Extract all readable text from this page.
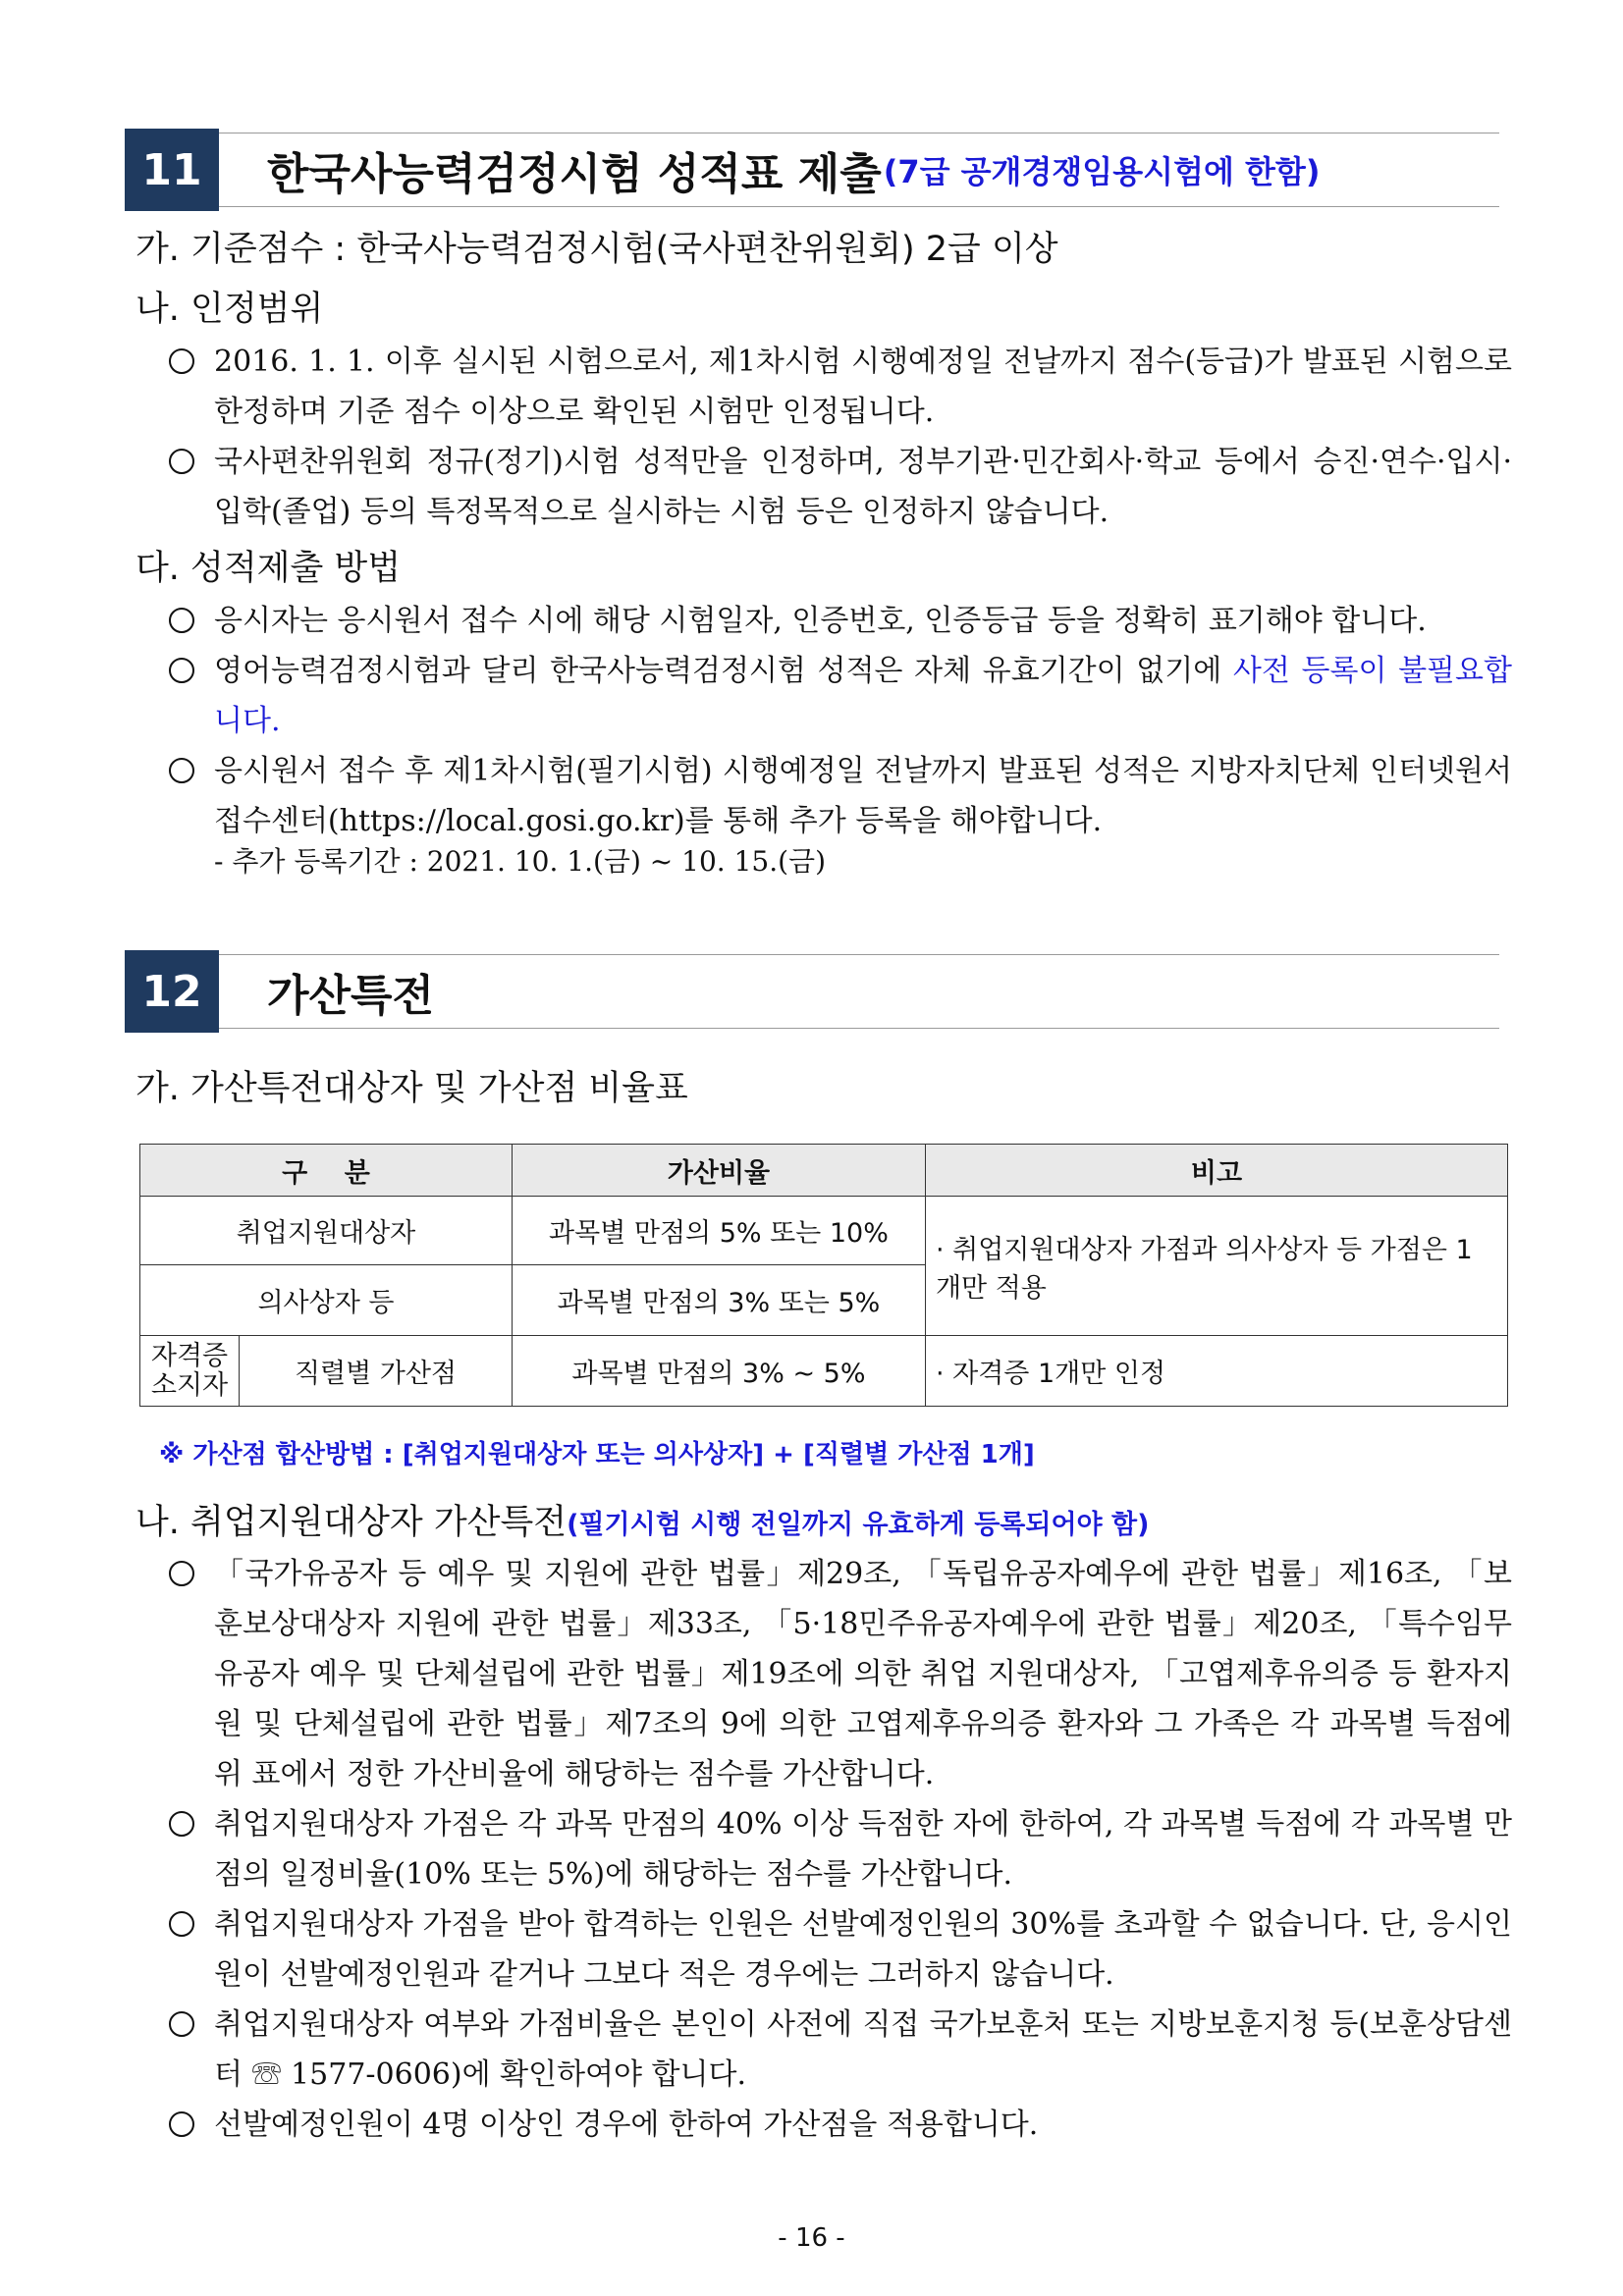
11	한국사능력검정시험 성적표 제출 (7급 공개경쟁임용시험에 한함)
가. 기준점수 : 한국사능력검정시험(국사편찬위원회) 2급 이상
나. 인정범위
2016. 1. 1. 이후 실시된 시험으로서, 제1차시험 시행예정일 전날까지 점수(등급)가 발표된 시험으로 한정하며 기준 점수 이상으로 확인된 시험만 인정됩니다.
국사편찬위원회 정규(정기)시험 성적만을 인정하며, 정부기관·민간회사·학교 등에서 승진·연수·입시·입학(졸업) 등의 특정목적으로 실시하는 시험 등은 인정하지 않습니다.
다. 성적제출 방법
응시자는 응시원서 접수 시에 해당 시험일자, 인증번호, 인증등급 등을 정확히 표기해야 합니다.
영어능력검정시험과 달리 한국사능력검정시험 성적은 자체 유효기간이 없기에 사전 등록이 불필요합니다.
응시원서 접수 후 제1차시험(필기시험) 시행예정일 전날까지 발표된 성적은 지방자치단체 인터넷원서접수센터(https://local.gosi.go.kr)를 통해 추가 등록을 해야합니다.
- 추가 등록기간 : 2021. 10. 1.(금) ~ 10. 15.(금)
12	가산특전
가. 가산특전대상자 및 가산점 비율표
구    분		가산비율	비고
취업지원대상자		과목별 만점의 5% 또는 10%	· 취업지원대상자 가점과 의사상자 등 가점은 1개만 적용
의사상자 등		과목별 만점의 3% 또는 5%	
자격증 소지자	직렬별 가산점	과목별 만점의 3% ~ 5%	· 자격증 1개만 인정
※ 가산점 합산방법 : [취업지원대상자 또는 의사상자] + [직렬별 가산점 1개]
나. 취업지원대상자 가산특전(필기시험 시행 전일까지 유효하게 등록되어야 함)
「국가유공자 등 예우 및 지원에 관한 법률」제29조, 「독립유공자예우에 관한 법률」제16조, 「보훈보상대상자 지원에 관한 법률」제33조, 「5·18민주유공자예우에 관한 법률」제20조, 「특수임무유공자 예우 및 단체설립에 관한 법률」제19조에 의한 취업 지원대상자, 「고엽제후유의증 등 환자지원 및 단체설립에 관한 법률」제7조의 9에 의한 고엽제후유의증 환자와 그 가족은 각 과목별 득점에 위 표에서 정한 가산비율에 해당하는 점수를 가산합니다.
취업지원대상자 가점은 각 과목 만점의 40% 이상 득점한 자에 한하여, 각 과목별 득점에 각 과목별 만점의 일정비율(10% 또는 5%)에 해당하는 점수를 가산합니다.
취업지원대상자 가점을 받아 합격하는 인원은 선발예정인원의 30%를 초과할 수 없습니다. 단, 응시인원이 선발예정인원과 같거나 그보다 적은 경우에는 그러하지 않습니다.
취업지원대상자 여부와 가점비율은 본인이 사전에 직접 국가보훈처 또는 지방보훈지청 등(보훈상담센터 ☏ 1577-0606)에 확인하여야 합니다.
선발예정인원이 4명 이상인 경우에 한하여 가산점을 적용합니다.
- 16 -
